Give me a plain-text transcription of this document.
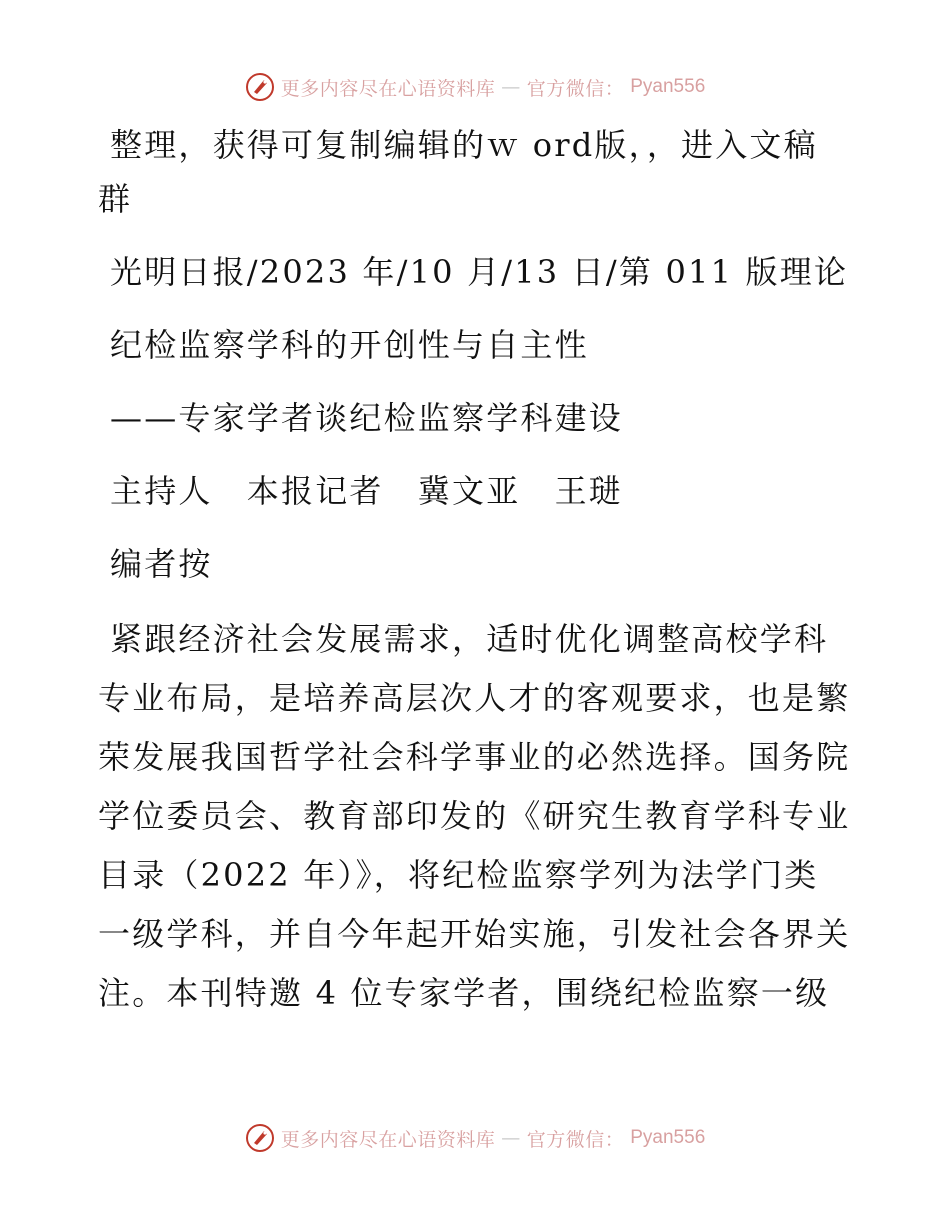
更多内容尽在心语资料库 — 官方微信： Pyan556
整理，获得可复制编辑的ｗ ord版，，进入文稿
群
光明日报/2023 年/10 月/13 日/第 011 版理论
纪检监察学科的开创性与自主性
——专家学者谈纪检监察学科建设
主持人　本报记者　冀文亚　王琎
编者按
紧跟经济社会发展需求，适时优化调整高校学科
专业布局，是培养高层次人才的客观要求，也是繁
荣发展我国哲学社会科学事业的必然选择。国务院
学位委员会、教育部印发的《研究生教育学科专业
目录（2022 年）》，将纪检监察学列为法学门类
一级学科，并自今年起开始实施，引发社会各界关
注。本刊特邀 4 位专家学者，围绕纪检监察一级
更多内容尽在心语资料库 — 官方微信： Pyan556
